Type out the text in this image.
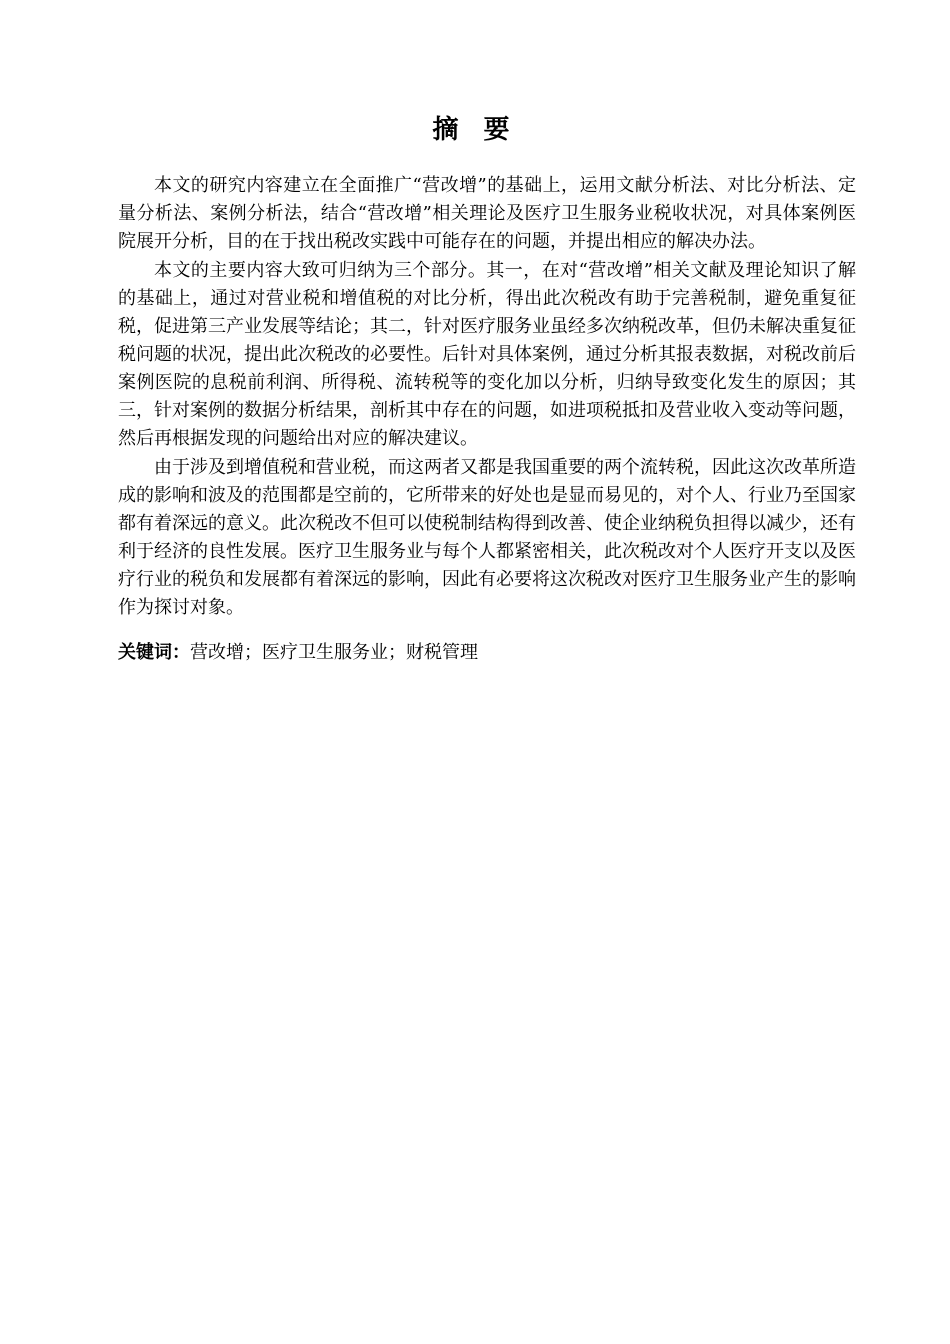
摘 要

本文的研究内容建立在全面推广“营改增”的基础上，运用文献分析法、对比分析法、定量分析法、案例分析法，结合“营改增”相关理论及医疗卫生服务业税收状况，对具体案例医院展开分析，目的在于找出税改实践中可能存在的问题，并提出相应的解决办法。

本文的主要内容大致可归纳为三个部分。其一，在对“营改增”相关文献及理论知识了解的基础上，通过对营业税和增值税的对比分析，得出此次税改有助于完善税制，避免重复征税，促进第三产业发展等结论；其二，针对医疗服务业虽经多次纳税改革，但仍未解决重复征税问题的状况，提出此次税改的必要性。后针对具体案例，通过分析其报表数据，对税改前后案例医院的息税前利润、所得税、流转税等的变化加以分析，归纳导致变化发生的原因；其三，针对案例的数据分析结果，剖析其中存在的问题，如进项税抵扣及营业收入变动等问题，然后再根据发现的问题给出对应的解决建议。

由于涉及到增值税和营业税，而这两者又都是我国重要的两个流转税，因此这次改革所造成的影响和波及的范围都是空前的，它所带来的好处也是显而易见的，对个人、行业乃至国家都有着深远的意义。此次税改不但可以使税制结构得到改善、使企业纳税负担得以减少，还有利于经济的良性发展。医疗卫生服务业与每个人都紧密相关，此次税改对个人医疗开支以及医疗行业的税负和发展都有着深远的影响，因此有必要将这次税改对医疗卫生服务业产生的影响作为探讨对象。

关键词：营改增；医疗卫生服务业；财税管理
